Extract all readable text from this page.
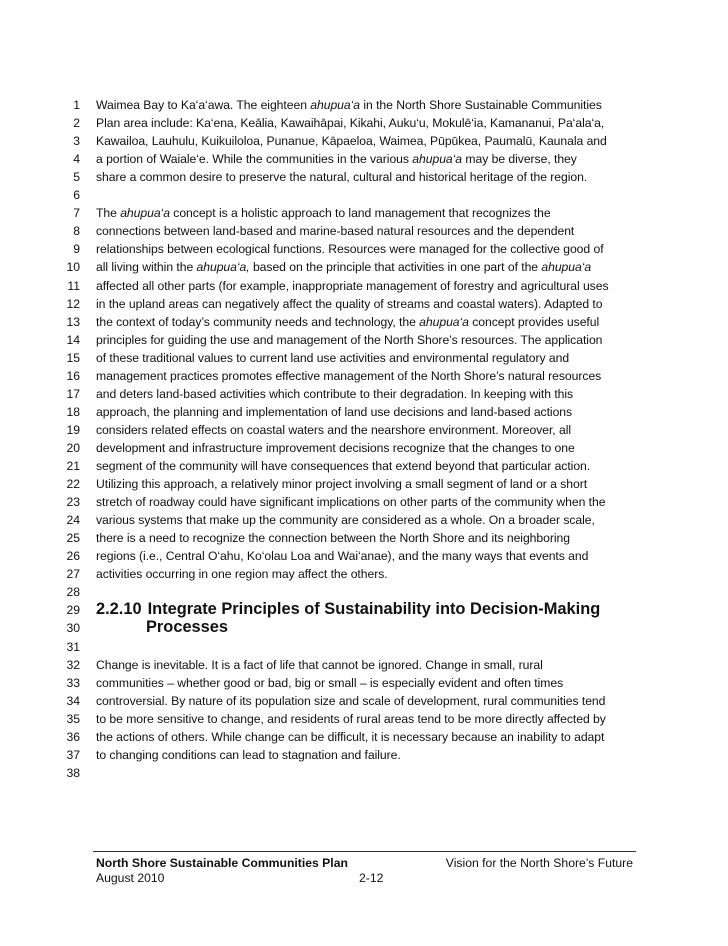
1 Waimea Bay to Ka‘a‘awa. The eighteen ahupua‘a in the North Shore Sustainable Communities
2 Plan area include: Ka‘ena, Keālia, Kawaihāpai, Kikahi, Auku‘u, Mokulē‘ia, Kamananui, Pa‘ala‘a,
3 Kawailoa, Lauhulu, Kuikuiloloa, Punanue, Kāpaeloa, Waimea, Pūpūkea, Paumalū, Kaunala and
4 a portion of Waiale‘e. While the communities in the various ahupua‘a may be diverse, they
5 share a common desire to preserve the natural, cultural and historical heritage of the region.
6
7 The ahupua‘a concept is a holistic approach to land management that recognizes the
8 connections between land-based and marine-based natural resources and the dependent
9 relationships between ecological functions. Resources were managed for the collective good of
10 all living within the ahupua‘a, based on the principle that activities in one part of the ahupua‘a
11 affected all other parts (for example, inappropriate management of forestry and agricultural uses
12 in the upland areas can negatively affect the quality of streams and coastal waters). Adapted to
13 the context of today’s community needs and technology, the ahupua‘a concept provides useful
14 principles for guiding the use and management of the North Shore’s resources. The application
15 of these traditional values to current land use activities and environmental regulatory and
16 management practices promotes effective management of the North Shore’s natural resources
17 and deters land-based activities which contribute to their degradation. In keeping with this
18 approach, the planning and implementation of land use decisions and land-based actions
19 considers related effects on coastal waters and the nearshore environment. Moreover, all
20 development and infrastructure improvement decisions recognize that the changes to one
21 segment of the community will have consequences that extend beyond that particular action.
22 Utilizing this approach, a relatively minor project involving a small segment of land or a short
23 stretch of roadway could have significant implications on other parts of the community when the
24 various systems that make up the community are considered as a whole. On a broader scale,
25 there is a need to recognize the connection between the North Shore and its neighboring
26 regions (i.e., Central O‘ahu, Ko‘olau Loa and Wai‘anae), and the many ways that events and
27 activities occurring in one region may affect the others.
28
29 2.2.10 Integrate Principles of Sustainability into Decision-Making
30	Processes
31
32 Change is inevitable. It is a fact of life that cannot be ignored. Change in small, rural
33 communities – whether good or bad, big or small – is especially evident and often times
34 controversial. By nature of its population size and scale of development, rural communities tend
35 to be more sensitive to change, and residents of rural areas tend to be more directly affected by
36 the actions of others. While change can be difficult, it is necessary because an inability to adapt
37 to changing conditions can lead to stagnation and failure.
38
North Shore Sustainable Communities Plan
August 2010	2-12
Vision for the North Shore’s Future
